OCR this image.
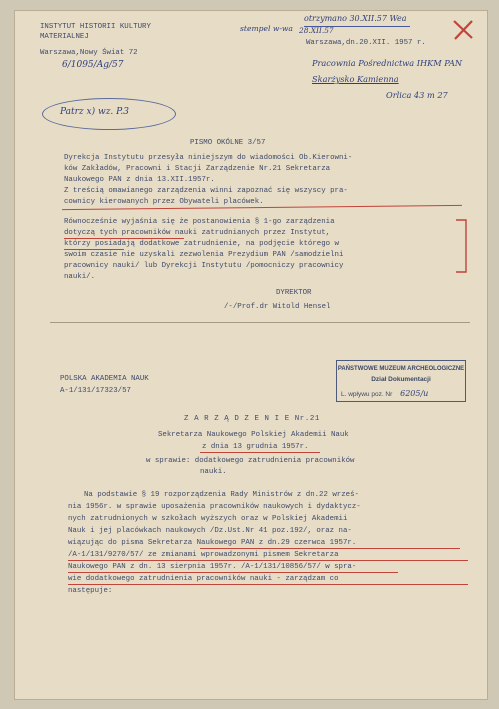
INSTYTUT HISTORII KULTURY
MATERIALNEJ
Warszawa,Nowy Świat 72
6/1095/Ag/57
stempel w-wa
otrzymano 30.XII.57 Wea
28.XII.57
Warszawa,dn.20.XII. 1957 r.
Pracownia Pośrednictwa IHKM PAN
Skarżysko Kamienna
Orlica 43 m 27
Patrz x) wz. P.3
PISMO OKÓLNE 3/57
Dyrekcja Instytutu przesyła niniejszym do wiadomości Ob.Kierowni-
ków Zakładów, Pracowni i Stacji Zarządzenie Nr.21 Sekretarza
Naukowego PAN z dnia 13.XII.1957r.
Z treścią omawianego zarządzenia winni zapoznać się wszyscy pra-
cownicy kierowanych przez Obywateli placówek.
Równocześnie wyjaśnia się że postanowienia § 1-go zarządzenia
dotyczą tych pracowników nauki zatrudnianych przez Instytut,
którzy posiadają dodatkowe zatrudnienie, na podjęcie którego w
swoim czasie nie uzyskali zezwolenia Prezydium PAN /samodzielni
pracownicy nauki/ lub Dyrekcji Instytutu /pomocniczy pracownicy
nauki/.
DYREKTOR
/-/Prof.dr Witold Hensel
PAŃSTWOWE MUZEUM ARCHEOLOGICZNE
Dział Dokumentacji
L. wpływu poz. Nr 6205/u
POLSKA AKADEMIA NAUK
A-1/131/17323/57
Z A R Z Ą D Z E N I E Nr.21
Sekretarza Naukowego Polskiej Akademii Nauk
z dnia 13 grudnia 1957r.
w sprawie: dodatkowego zatrudnienia pracowników
nauki.
Na podstawie § 19 rozporządzenia Rady Ministrów z dn.22 wrześ-
nia 1956r. w sprawie uposażenia pracowników naukowych i dydaktycz-
nych zatrudnionych w szkołach wyższych oraz w Polskiej Akademii
Nauk i jej placówkach naukowych /Dz.Ust.Nr 41 poz.192/, oraz na-
wiązując do pisma Sekretarza Naukowego PAN z dn.29 czerwca 1957r.
/A-1/131/9270/57/ ze zmianami wprowadzonymi pismem Sekretarza
Naukowego PAN z dn. 13 sierpnia 1957r. /A-1/131/10856/57/ w spra-
wie dodatkowego zatrudnienia pracowników nauki - zarządzam co
następuje:
